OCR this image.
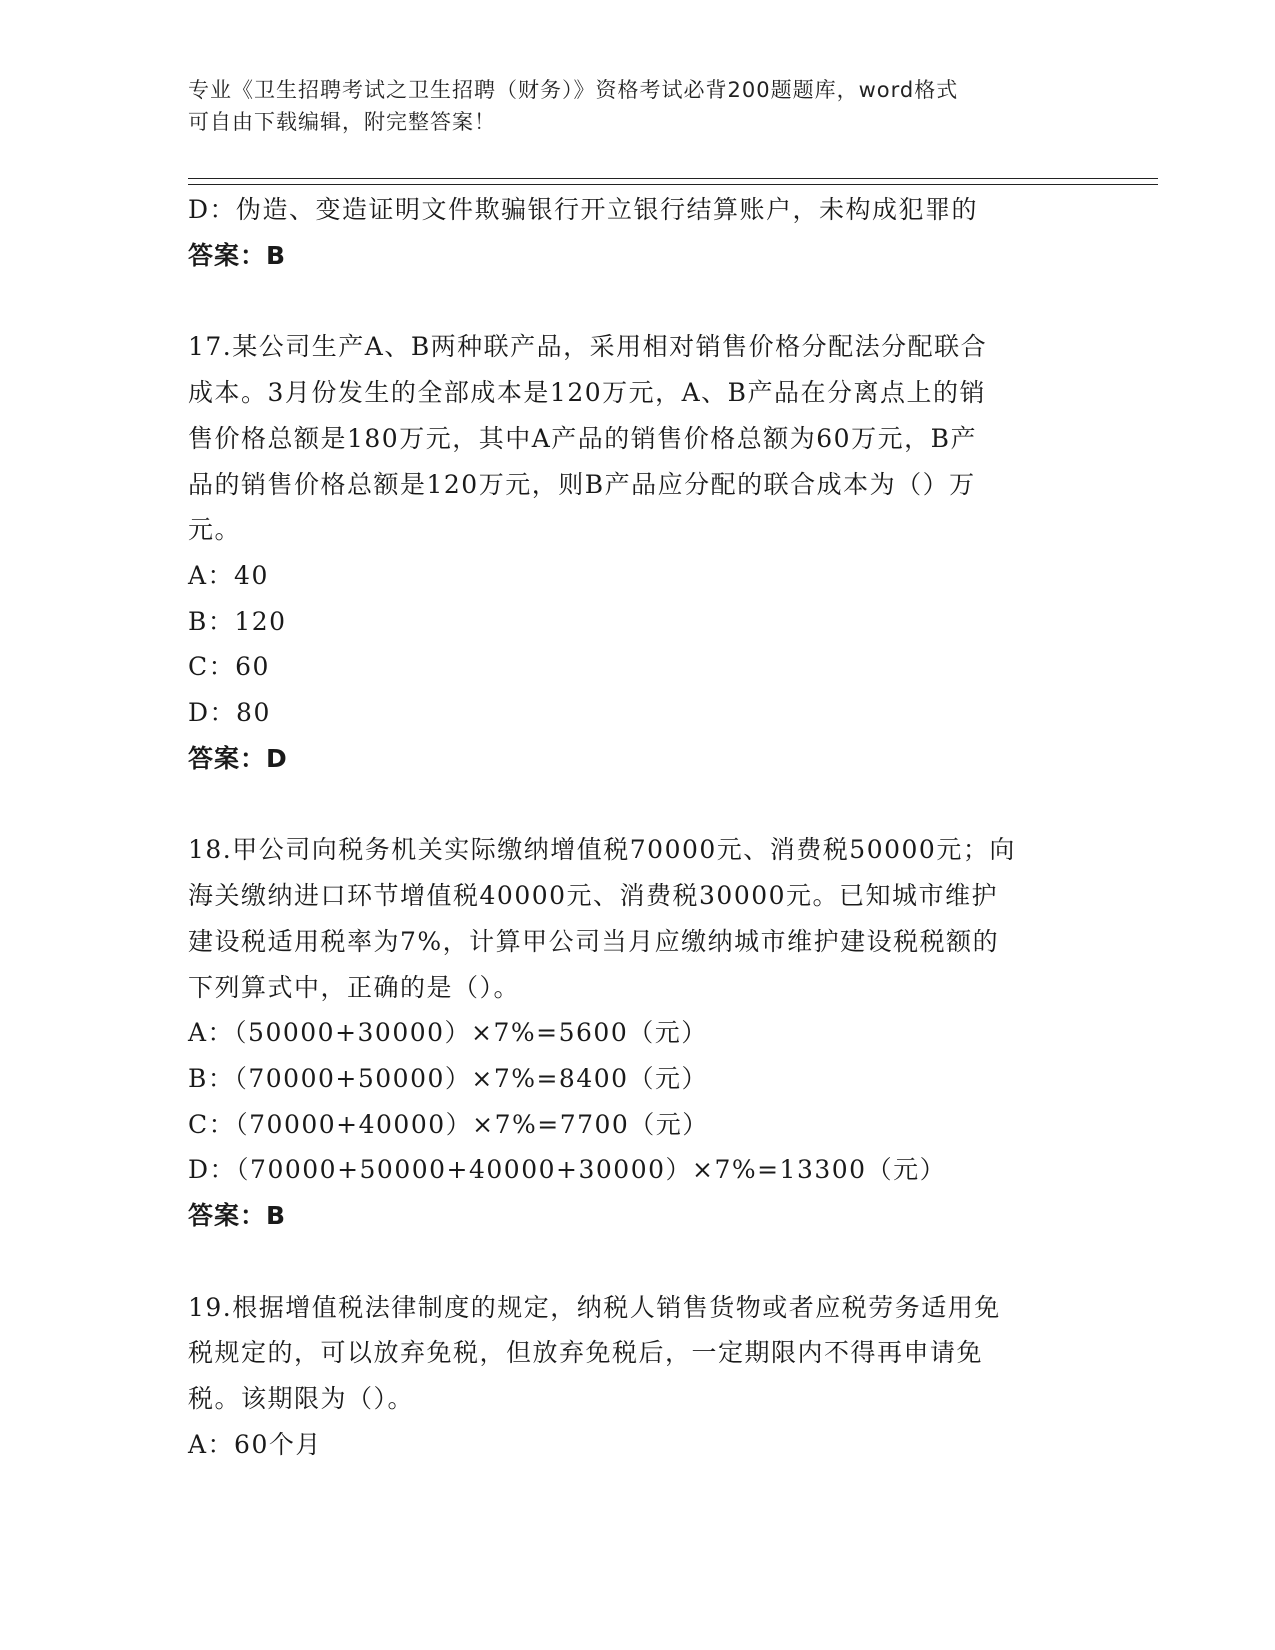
专业《卫生招聘考试之卫生招聘（财务）》资格考试必背200题题库，word格式
可自由下载编辑，附完整答案！
D：伪造、变造证明文件欺骗银行开立银行结算账户，未构成犯罪的
答案：B
17.某公司生产A、B两种联产品，采用相对销售价格分配法分配联合
成本。3月份发生的全部成本是120万元，A、B产品在分离点上的销
售价格总额是180万元，其中A产品的销售价格总额为60万元，B产
品的销售价格总额是120万元，则B产品应分配的联合成本为（）万
元。
A：40
B：120
C：60
D：80
答案：D
18.甲公司向税务机关实际缴纳增值税70000元、消费税50000元；向
海关缴纳进口环节增值税40000元、消费税30000元。已知城市维护
建设税适用税率为7%，计算甲公司当月应缴纳城市维护建设税税额的
下列算式中，正确的是（）。
A：（50000+30000）×7%=5600（元）
B：（70000+50000）×7%=8400（元）
C：（70000+40000）×7%=7700（元）
D：（70000+50000+40000+30000）×7%=13300（元）
答案：B
19.根据增值税法律制度的规定，纳税人销售货物或者应税劳务适用免
税规定的，可以放弃免税，但放弃免税后，一定期限内不得再申请免
税。该期限为（）。
A：60个月
